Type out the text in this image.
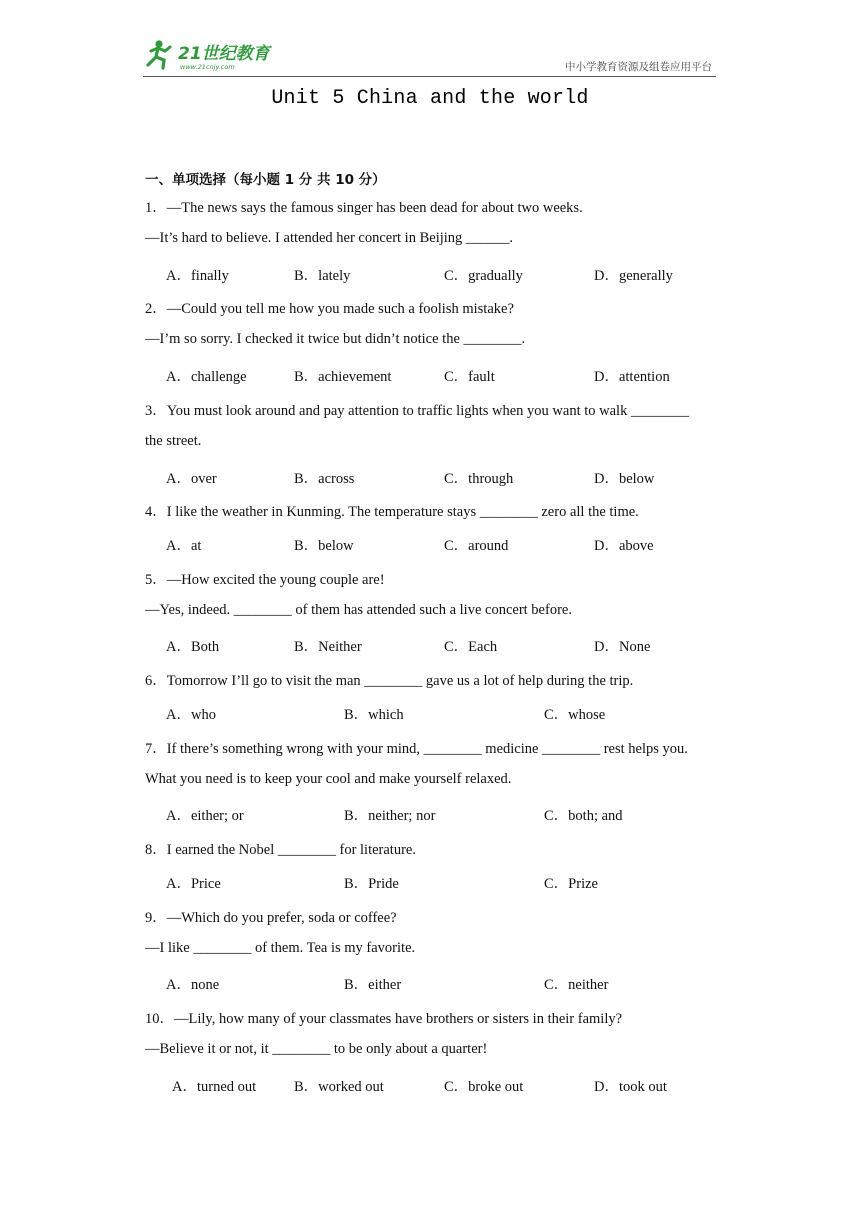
21世纪教育
www.21cnjy.com	中小学教育资源及组卷应用平台
Unit 5 China and the world
一、单项选择（每小题 1 分 共 10 分）
1．—The news says the famous singer has been dead for about two weeks.
—It’s hard to believe. I attended her concert in Beijing ______.
A．finally	B．lately	C．gradually	D．generally
2．—Could you tell me how you made such a foolish mistake?
—I’m so sorry. I checked it twice but didn’t notice the ________.
A．challenge	B．achievement	C．fault	D．attention
3．You must look around and pay attention to traffic lights when you want to walk ________
the street.
A．over	B．across	C．through	D．below
4．I like the weather in Kunming. The temperature stays ________ zero all the time.
A．at	B．below	C．around	D．above
5．—How excited the young couple are!
—Yes, indeed. ________ of them has attended such a live concert before.
A．Both	B．Neither	C．Each	D．None
6．Tomorrow I’ll go to visit the man ________ gave us a lot of help during the trip.
A．who	B．which	C．whose
7．If there’s something wrong with your mind, ________ medicine ________ rest helps you.
What you need is to keep your cool and make yourself relaxed.
A．either; or	B．neither; nor	C．both; and
8．I earned the Nobel ________ for literature.
A．Price	B．Pride	C．Prize
9．—Which do you prefer, soda or coffee?
—I like ________ of them. Tea is my favorite.
A．none	B．either	C．neither
10．—Lily, how many of your classmates have brothers or sisters in their family?
—Believe it or not, it ________ to be only about a quarter!
A．turned out	B．worked out	C．broke out	D．took out
